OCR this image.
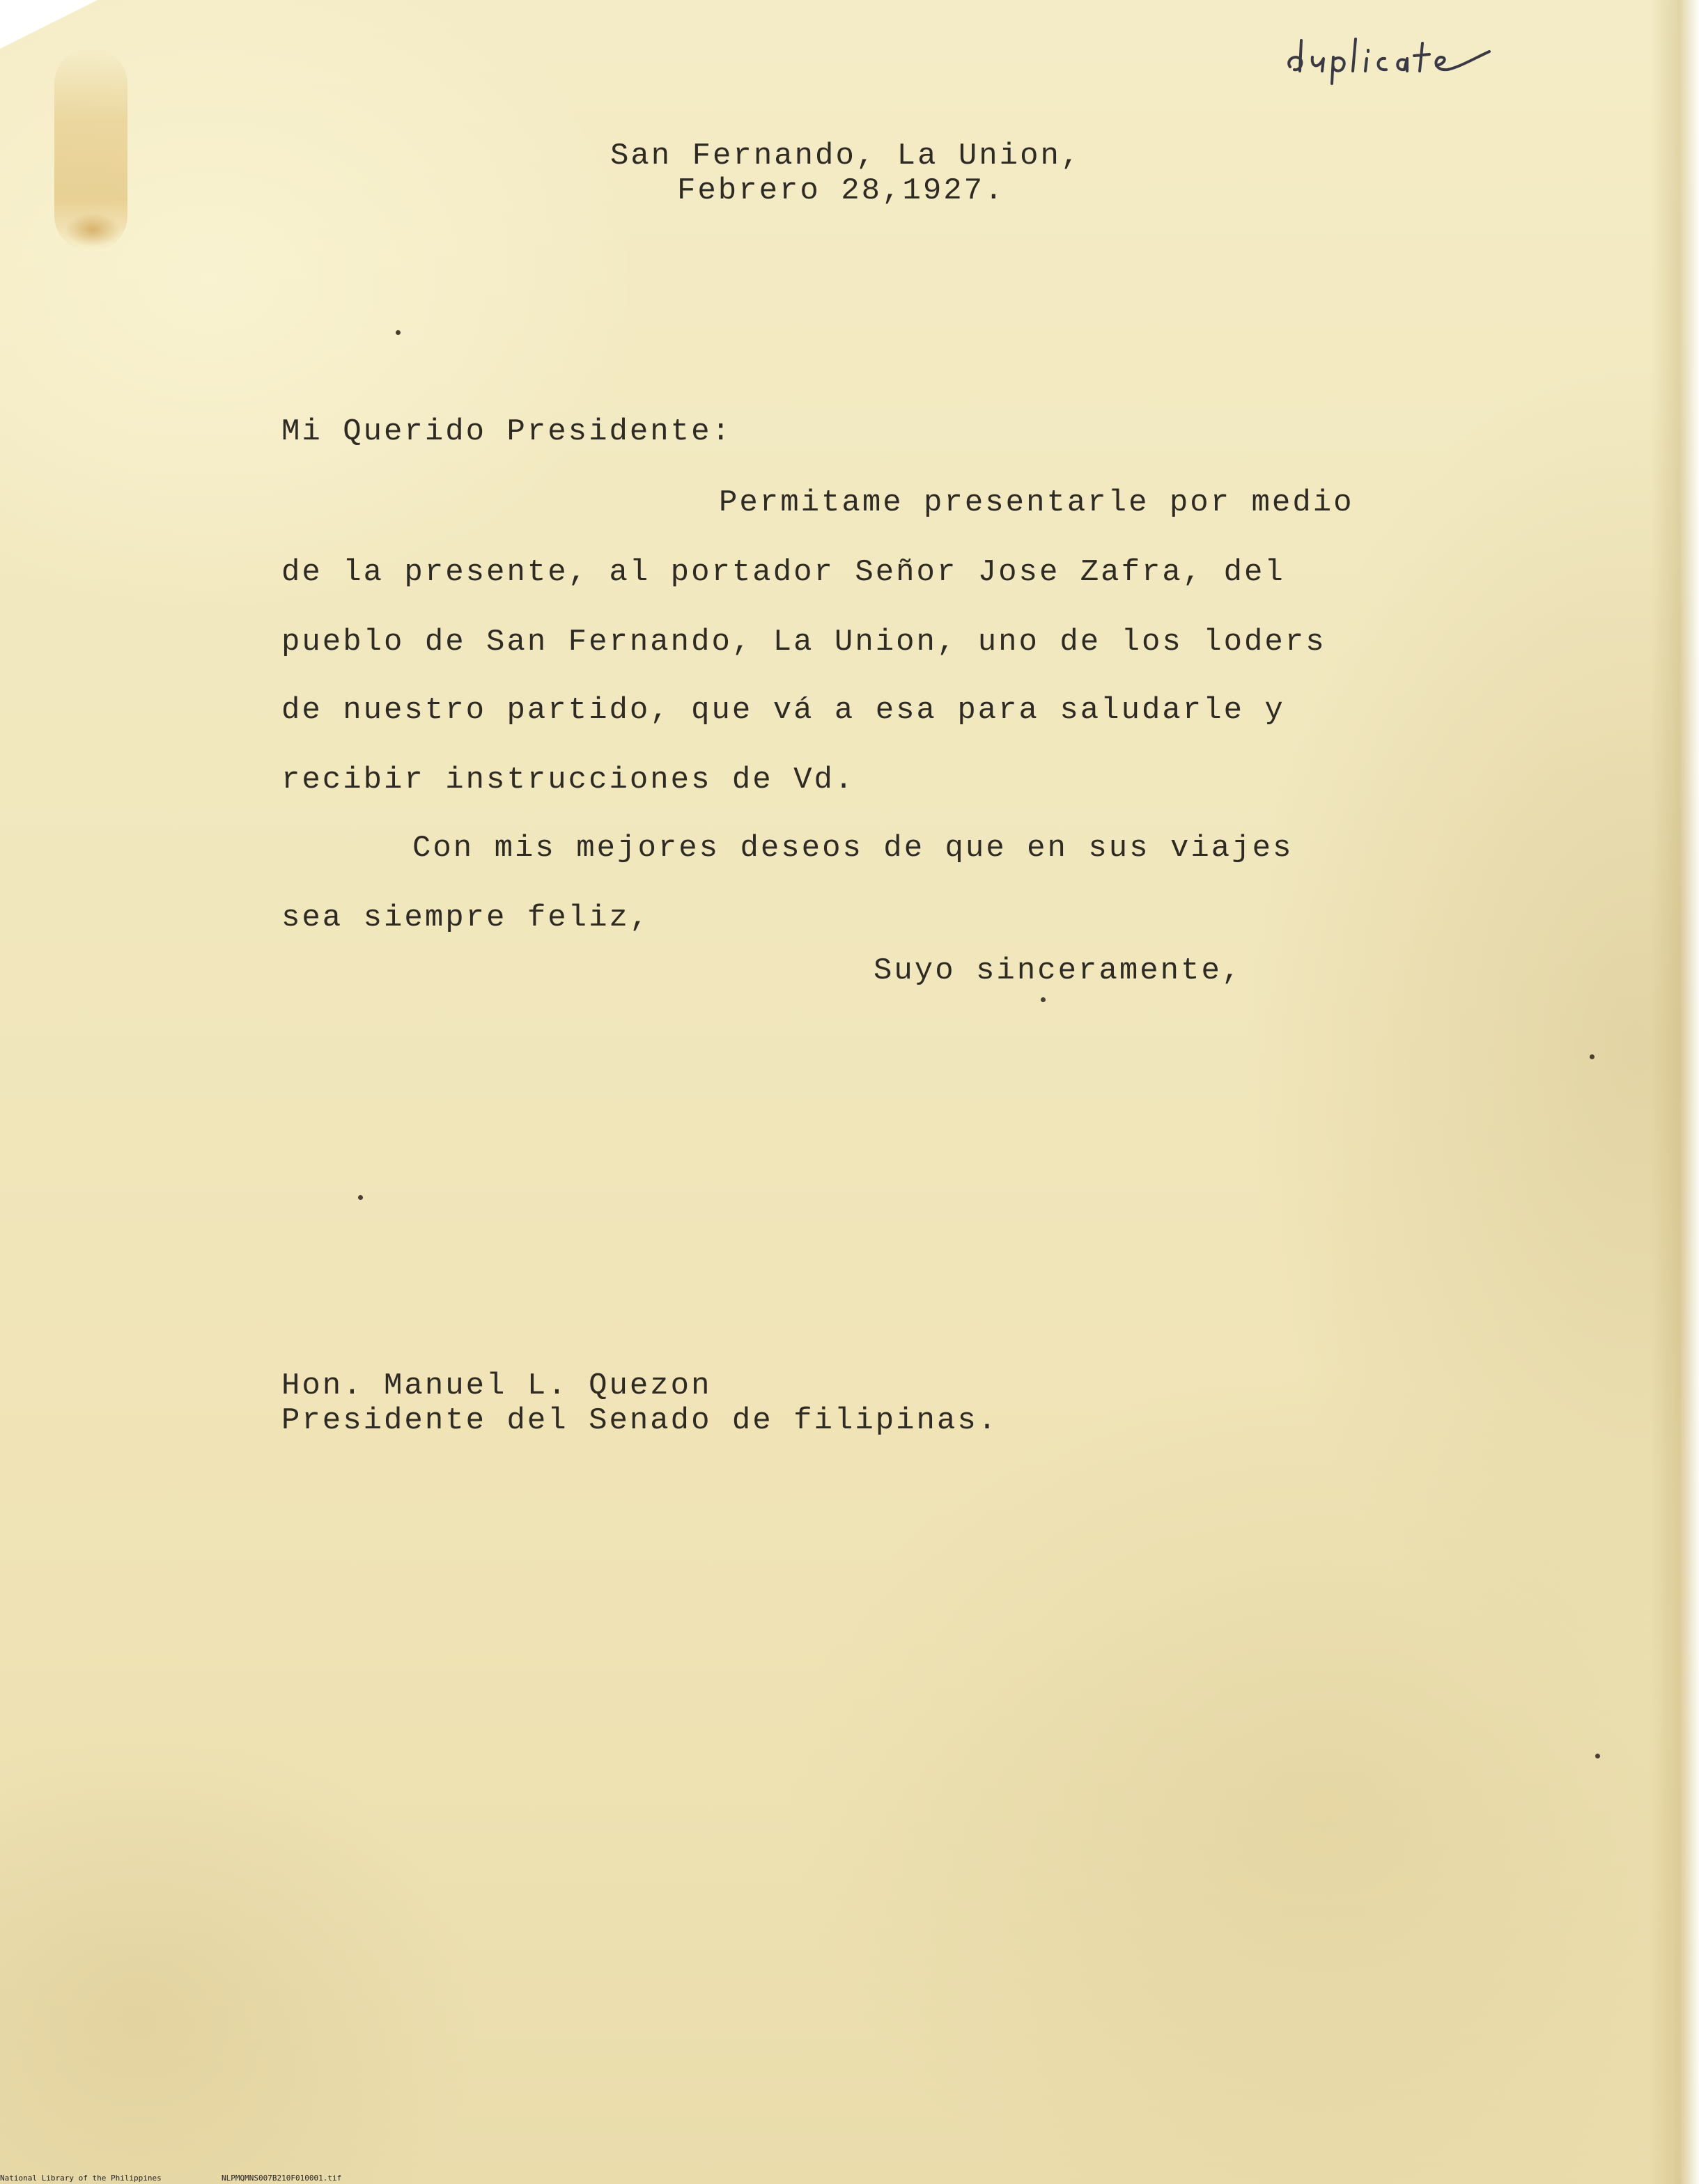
San Fernando, La Union,
Febrero 28,1927.
Mi Querido Presidente:
Permitame presentarle por medio
de la presente, al portador Señor Jose Zafra, del
pueblo de San Fernando, La Union, uno de los loders
de nuestro partido, que vá a esa para saludarle y
recibir instrucciones de Vd.
Con mis mejores deseos de que en sus viajes
sea siempre feliz,
Suyo sinceramente,
Hon. Manuel L. Quezon
Presidente del Senado de filipinas.
National Library of the Philippines	NLPMQMNS007B210F010001.tif
